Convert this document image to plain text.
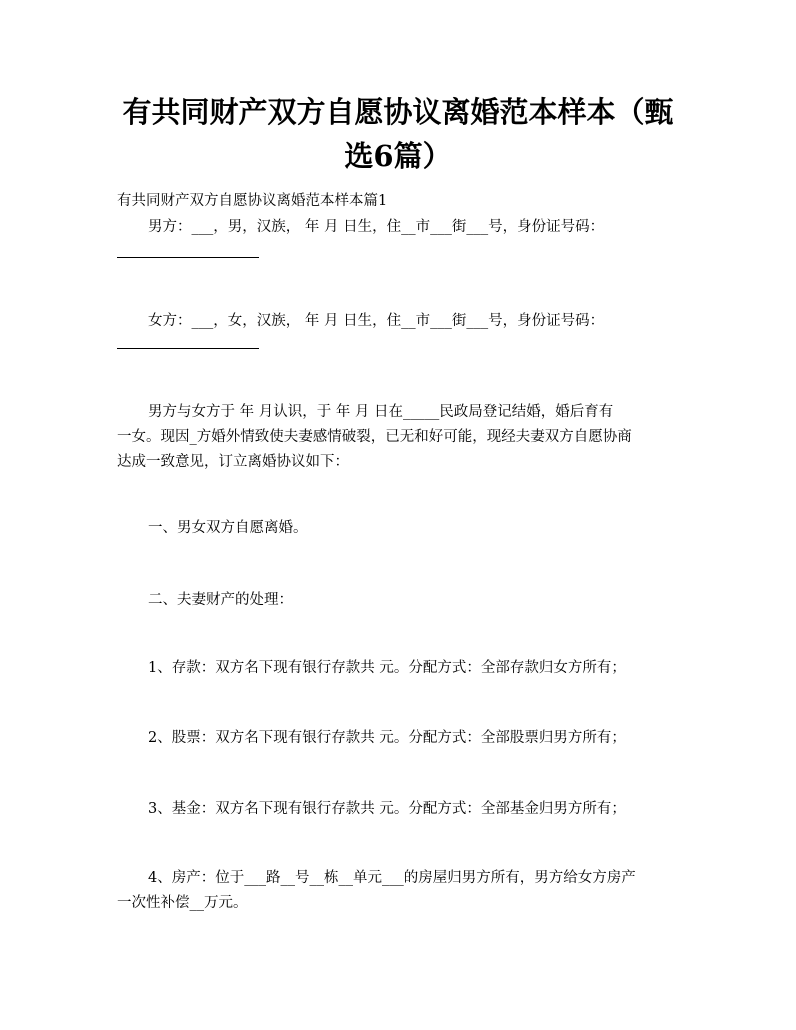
有共同财产双方自愿协议离婚范本样本（甄
选6篇）

有共同财产双方自愿协议离婚范本样本篇1

男方：___，男，汉族， 年 月 日生，住__市___街___号，身份证号码：

女方：___，女，汉族， 年 月 日生，住__市___街___号，身份证号码：

男方与女方于 年 月认识，于 年 月 日在_____民政局登记结婚，婚后育有

一女。现因_方婚外情致使夫妻感情破裂，已无和好可能，现经夫妻双方自愿协商

达成一致意见，订立离婚协议如下：

一、男女双方自愿离婚。

二、夫妻财产的处理：

1、存款：双方名下现有银行存款共 元。分配方式：全部存款归女方所有；

2、股票：双方名下现有银行存款共 元。分配方式：全部股票归男方所有；

3、基金：双方名下现有银行存款共 元。分配方式：全部基金归男方所有；

4、房产：位于___路__号__栋__单元___的房屋归男方所有，男方给女方房产

一次性补偿__万元。
